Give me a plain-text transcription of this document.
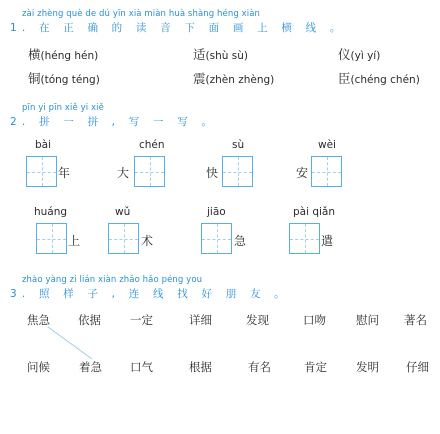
zài zhèng què de dú yīn xià miàn huà shàng héng xiàn
1. 在 正 确 的 读 音 下 面 画 上 横 线 。
横(héng hén)	适(shù sù)	仪(yì yí)
铜(tóng téng)	震(zhèn zhèng)	臣(chéng chén)
pīn yi pīn xiě yi xiě
2. 拼 一 拼 , 写 一 写 。
bài
年
chén
大
sù
快
wèi
安
huáng
上
wǔ
术
jiāo
急
pài qiǎn
遣
zhào yàng zi lián xiàn zhǎo hǎo péng you
3. 照 样 子 , 连 线 找 好 朋 友 。
焦急 依据	一定	详细	发现	口吻	慰问 著名
问候	着急 口气	根据	有名	肯定	发明 仔细
